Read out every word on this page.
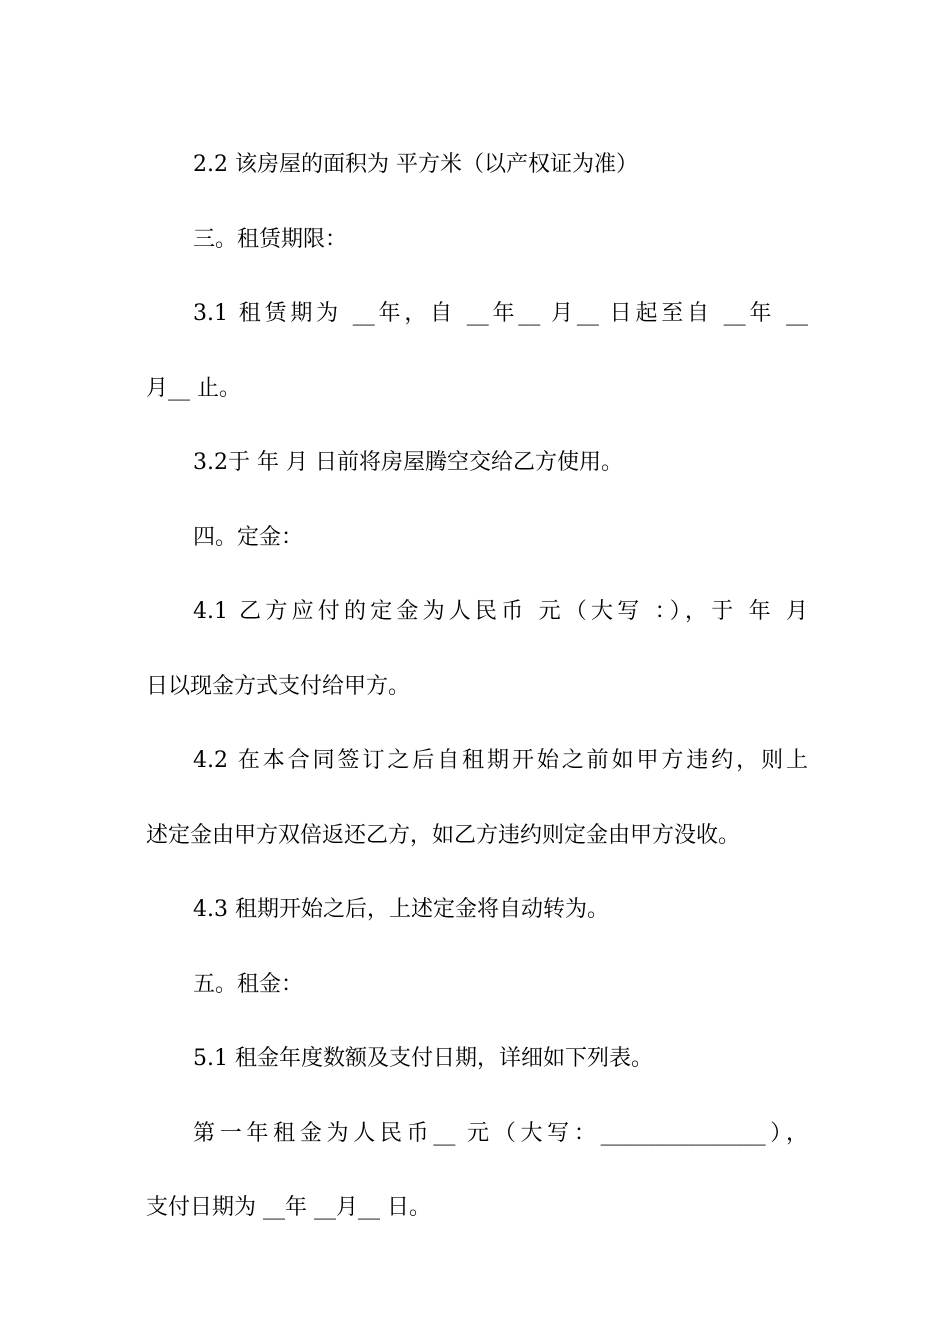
2.2 该房屋的面积为 平方米（以产权证为准）

三。租赁期限：

3.1 租赁期为 __年，自 __年__ 月__ 日起至自 __年 __

月__ 止。

3.2于 年 月 日前将房屋腾空交给乙方使用。

四。定金：

4.1 乙方应付的定金为人民币 元（大写 ：），于 年 月

日以现金方式支付给甲方。

4.2 在本合同签订之后自租期开始之前如甲方违约，则上

述定金由甲方双倍返还乙方，如乙方违约则定金由甲方没收。

4.3 租期开始之后，上述定金将自动转为。

五。租金：

5.1 租金年度数额及支付日期，详细如下列表。

第一年租金为人民币__ 元（大写：_______________），

支付日期为 __年 __月__ 日。
